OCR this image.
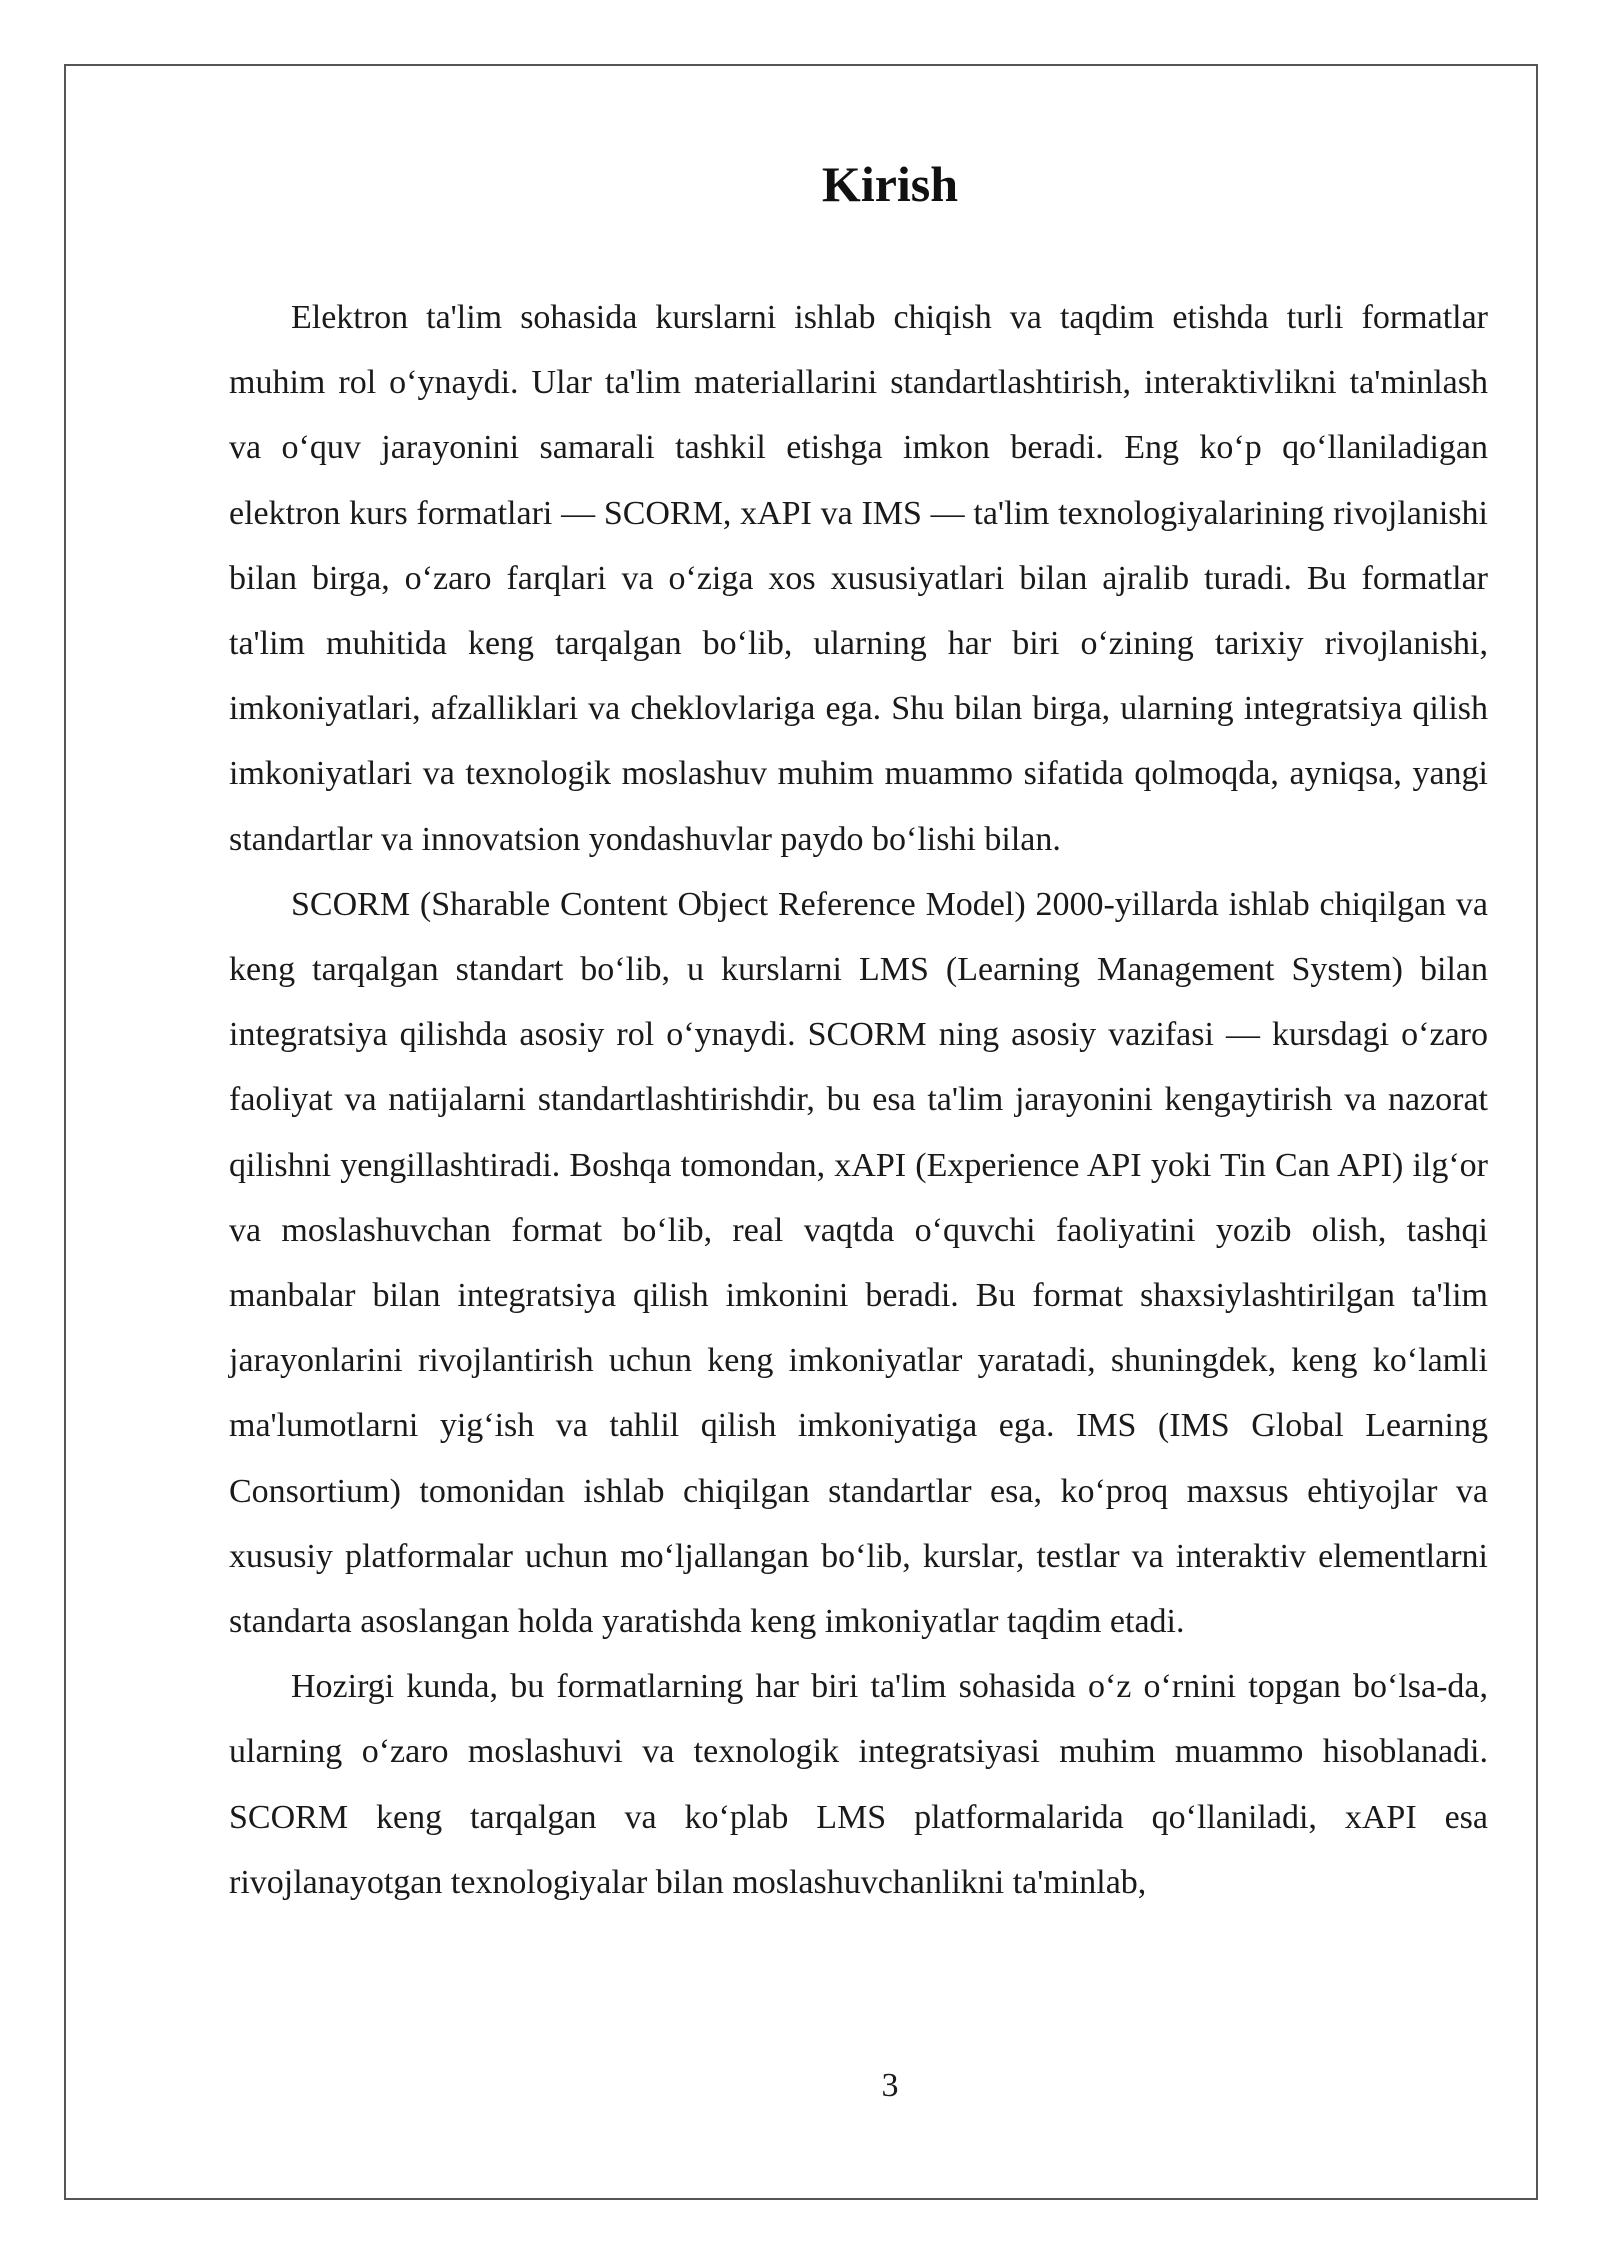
Kirish

Elektron ta'lim sohasida kurslarni ishlab chiqish va taqdim etishda turli formatlar muhim rol oʻynaydi. Ular ta'lim materiallarini standartlashtirish, interaktivlikni ta'minlash va oʻquv jarayonini samarali tashkil etishga imkon beradi. Eng koʻp qoʻllaniladigan elektron kurs formatlari — SCORM, xAPI va IMS — ta'lim texnologiyalarining rivojlanishi bilan birga, oʻzaro farqlari va oʻziga xos xususiyatlari bilan ajralib turadi. Bu formatlar ta'lim muhitida keng tarqalgan boʻlib, ularning har biri oʻzining tarixiy rivojlanishi, imkoniyatlari, afzalliklari va cheklovlariga ega. Shu bilan birga, ularning integratsiya qilish imkoniyatlari va texnologik moslashuv muhim muammo sifatida qolmoqda, ayniqsa, yangi standartlar va innovatsion yondashuvlar paydo boʻlishi bilan.

SCORM (Sharable Content Object Reference Model) 2000-yillarda ishlab chiqilgan va keng tarqalgan standart boʻlib, u kurslarni LMS (Learning Management System) bilan integratsiya qilishda asosiy rol oʻynaydi. SCORM ning asosiy vazifasi — kursdagi oʻzaro faoliyat va natijalarni standartlashtirishdir, bu esa ta'lim jarayonini kengaytirish va nazorat qilishni yengillashtiradi. Boshqa tomondan, xAPI (Experience API yoki Tin Can API) ilgʻor va moslashuvchan format boʻlib, real vaqtda oʻquvchi faoliyatini yozib olish, tashqi manbalar bilan integratsiya qilish imkonini beradi. Bu format shaxsiylashtirilgan ta'lim jarayonlarini rivojlantirish uchun keng imkoniyatlar yaratadi, shuningdek, keng koʻlamli ma'lumotlarni yigʻish va tahlil qilish imkoniyatiga ega. IMS (IMS Global Learning Consortium) tomonidan ishlab chiqilgan standartlar esa, koʻproq maxsus ehtiyojlar va xususiy platformalar uchun moʻljallangan boʻlib, kurslar, testlar va interaktiv elementlarni standarta asoslangan holda yaratishda keng imkoniyatlar taqdim etadi.

Hozirgi kunda, bu formatlarning har biri ta'lim sohasida oʻz oʻrnini topgan boʻlsa-da, ularning oʻzaro moslashuvi va texnologik integratsiyasi muhim muammo hisoblanadi. SCORM keng tarqalgan va koʻplab LMS platformalarida qoʻllaniladi, xAPI esa rivojlanayotgan texnologiyalar bilan moslashuvchanlikni ta'minlab,

3
